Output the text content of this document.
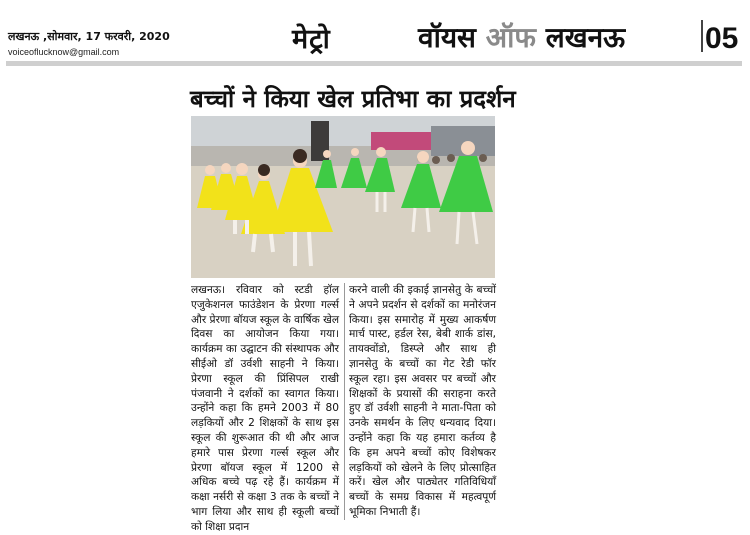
लखनऊ ,सोमवार, 17 फरवरी, 2020
voiceoflucknow@gmail.com	मेट्रो	वॉयस ऑफ लखनऊ	05
बच्चों ने किया खेल प्रतिभा का प्रदर्शन
लखनऊ। रविवार को स्टडी हॉल एजुकेशनल फाउंडेशन के प्रेरणा गर्ल्स और प्रेरणा बॉयज स्कूल के वार्षिक खेल दिवस का आयोजन किया गया। कार्यक्रम का उद्घाटन की संस्थापक और सीईओ डॉ उर्वशी साहनी ने किया। प्रेरणा स्कूल की प्रिंसिपल राखी पंजवानी ने दर्शकों का स्वागत किया। उन्होंने कहा कि हमने 2003 में 80 लड़कियों और 2 शिक्षकों के साथ इस स्कूल की शुरूआत की थी और आज हमारे पास प्रेरणा गर्ल्स स्कूल और प्रेरणा बॉयज स्कूल में 1200 से अधिक बच्चे पढ़ रहे हैं। कार्यक्रम में कक्षा नर्सरी से कक्षा 3 तक के बच्चों ने भाग लिया और साथ ही स्कूली बच्चों को शिक्षा प्रदान
करने वाली की इकाई ज्ञानसेतु के बच्चों ने अपने प्रदर्शन से दर्शकों का मनोरंजन किया। इस समारोह में मुख्य आकर्षण मार्च पास्ट, हर्डल रेस, बेबी शार्क डांस, तायक्वोंडो, डिस्प्ले और साथ ही ज्ञानसेतु के बच्चों का गेट रेडी फॉर स्कूल रहा। इस अवसर पर बच्चों और शिक्षकों के प्रयासों की सराहना करते हुए डॉ उर्वशी साहनी ने माता-पिता को उनके समर्थन के लिए धन्यवाद दिया। उन्होंने कहा कि यह हमारा कर्तव्य है कि हम अपने बच्चों कोए विशेषकर लड़कियों को खेलने के लिए प्रोत्साहित करें। खेल और पाठ्येतर गतिविधियाँ बच्चों के समग्र विकास में महत्वपूर्ण भूमिका निभाती हैं।
